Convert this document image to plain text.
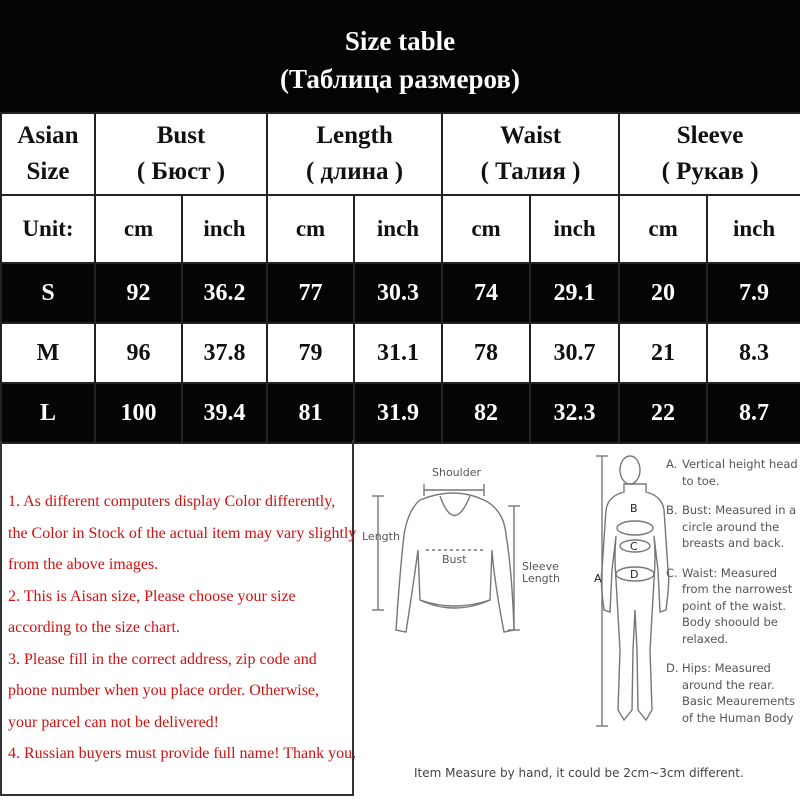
Size table
(Таблица размеров)
Asian
Size	Bust
( Бюст )		Length
( длина )		Waist
( Талия )		Sleeve
( Рукав )	
Unit:	cm	inch	cm	inch	cm	inch	cm	inch
S	92	36.2	77	30.3	74	29.1	20	7.9
M	96	37.8	79	31.1	78	30.7	21	8.3
L	100	39.4	81	31.9	82	32.3	22	8.7
1. As different computers display Color differently,
the Color in Stock of the actual item may vary slightly
from the above images.
2. This is Aisan size, Please choose your size
according to the size chart.
3. Please fill in the correct address, zip code and
phone number when you place order. Otherwise,
your parcel can not be delivered!
4. Russian buyers must provide full name! Thank you.
Shoulder
Length
Bust
Sleeve
Length
B
C
D
A
A. Vertical height head to toe.
B. Bust: Measured in a circle around the breasts and back.
C. Waist: Measured from the narrowest point of the waist. Body shoould be relaxed.
D. Hips: Measured around the rear. Basic Meaurements of the Human Body
Item Measure by hand, it could be 2cm~3cm different.
